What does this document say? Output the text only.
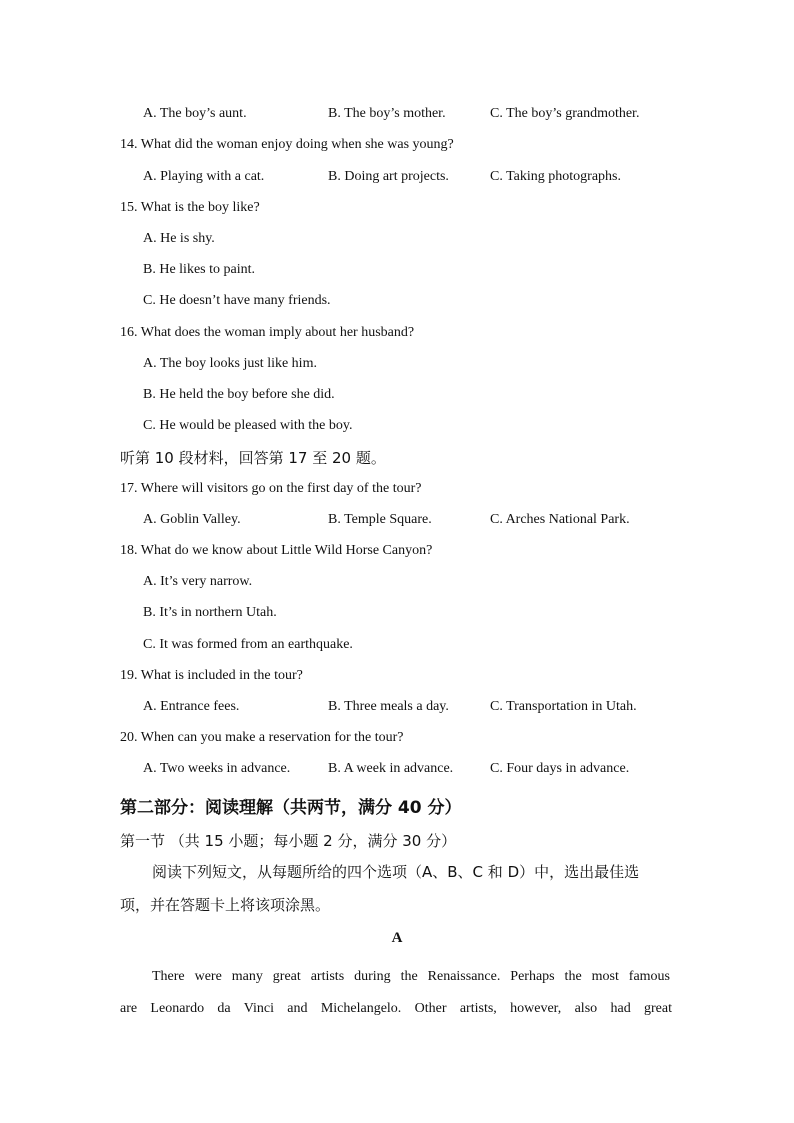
A. The boy’s aunt.	B. The boy’s mother.	C. The boy’s grandmother.
14. What did the woman enjoy doing when she was young?
A. Playing with a cat.	B. Doing art projects.	C. Taking photographs.
15. What is the boy like?
A. He is shy.
B. He likes to paint.
C. He doesn’t have many friends.
16. What does the woman imply about her husband?
A. The boy looks just like him.
B. He held the boy before she did.
C. He would be pleased with the boy.
听第 10 段材料，回答第 17 至 20 题。
17. Where will visitors go on the first day of the tour?
A. Goblin Valley.	B. Temple Square.	C. Arches National Park.
18. What do we know about Little Wild Horse Canyon?
A. It’s very narrow.
B. It’s in northern Utah.
C. It was formed from an earthquake.
19. What is included in the tour?
A. Entrance fees.	B. Three meals a day.	C. Transportation in Utah.
20. When can you make a reservation for the tour?
A. Two weeks in advance.	B. A week in advance.	C. Four days in advance.
第二部分：阅读理解（共两节，满分 40 分）
第一节 （共 15 小题；每小题 2 分，满分 30 分）
阅读下列短文，从每题所给的四个选项（A、B、C 和 D）中，选出最佳选
项，并在答题卡上将该项涂黑。
A
There were many great artists during the Renaissance. Perhaps the most famous
are Leonardo da Vinci and Michelangelo. Other artists, however, also had great
